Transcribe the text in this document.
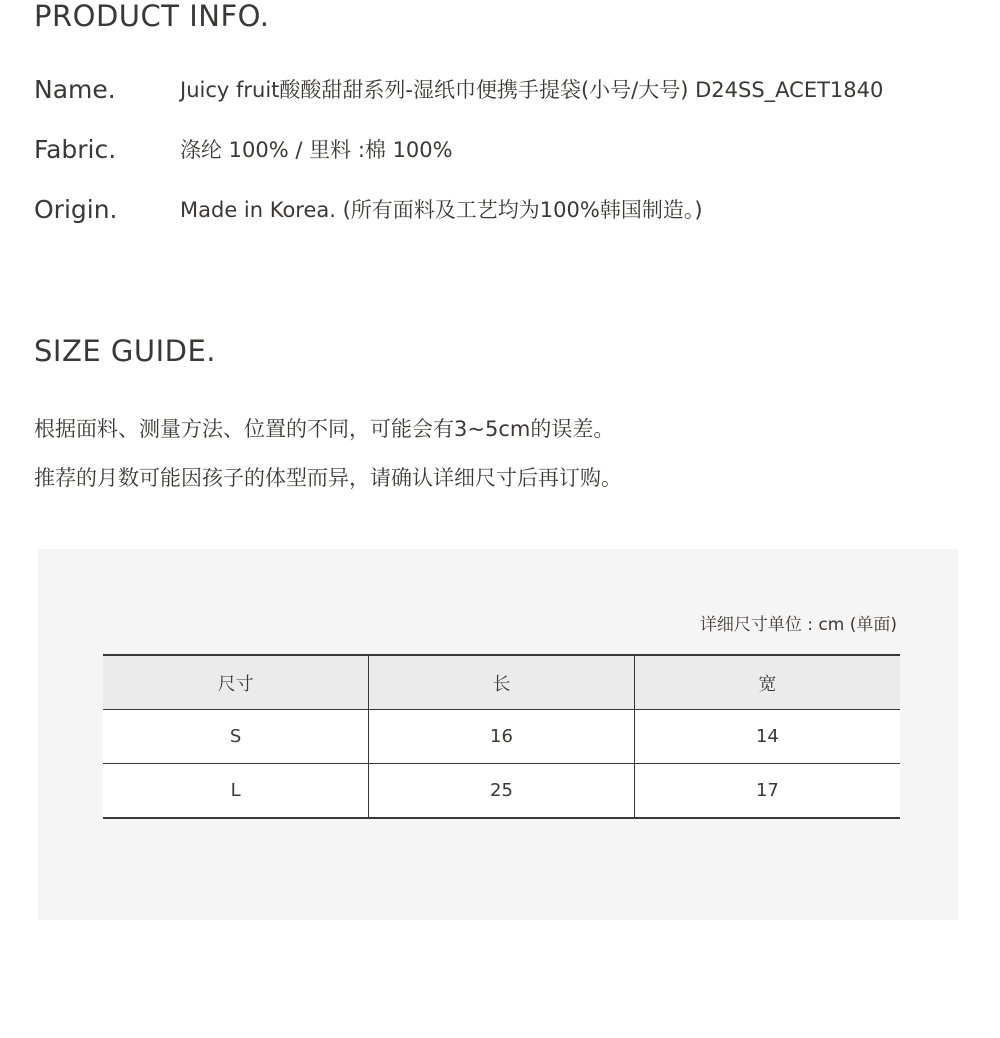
PRODUCT INFO.
Name.	Juicy fruit酸酸甜甜系列-湿纸巾便携手提袋(小号/大号) D24SS_ACET1840
Fabric.	涤纶 100% / 里料 :棉 100%
Origin.	Made in Korea. (所有面料及工艺均为100%韩国制造。)
SIZE GUIDE.

根据面料、测量方法、位置的不同，可能会有3~5cm的误差。

推荐的月数可能因孩子的体型而异，请确认详细尺寸后再订购。

详细尺寸单位 : cm (单面)
尺寸	长	宽
S	16	14
L	25	17
